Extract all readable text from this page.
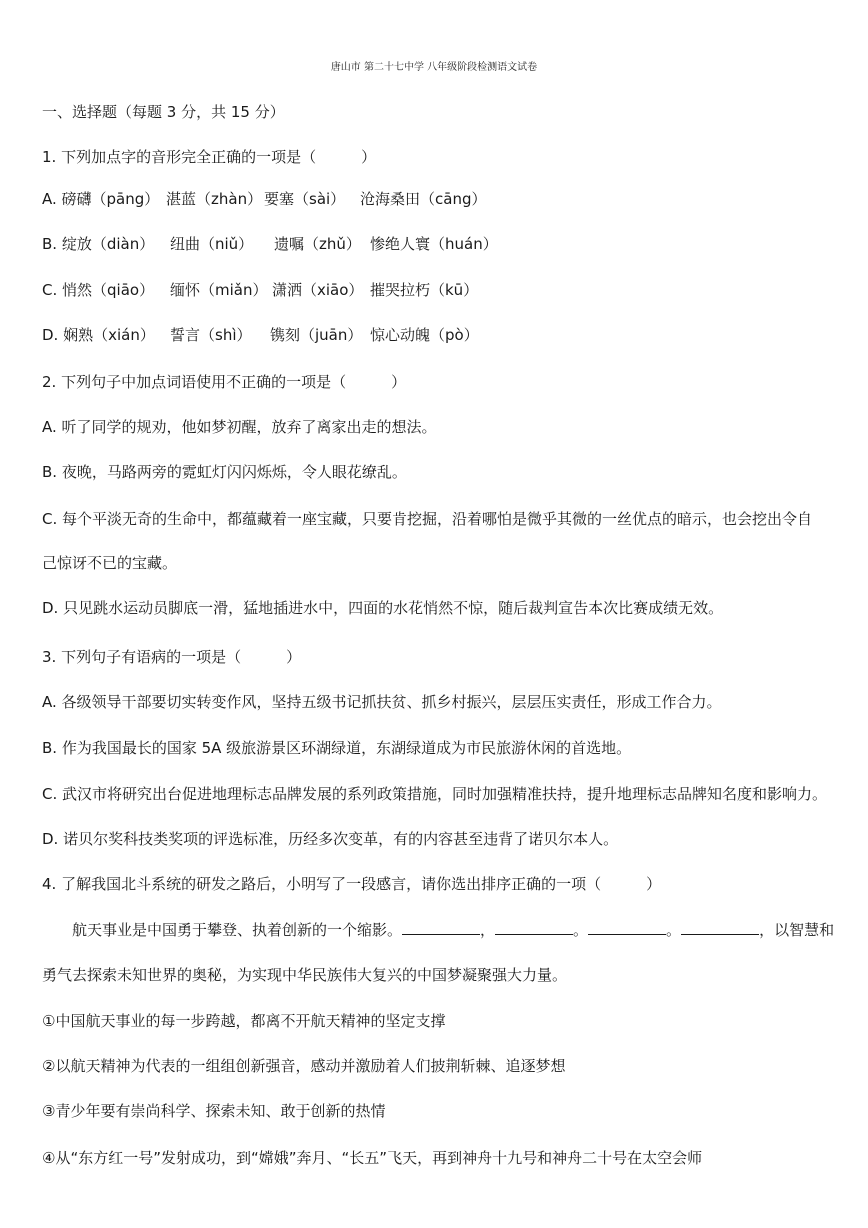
唐山市 第二十七中学 八年级阶段检测语文试卷
一、选择题（每题 3 分，共 15 分）
1. 下列加点字的音形完全正确的一项是（　　　）
A. 磅礴（pāng） 湛蓝（zhàn） 要塞（sài） 沧海桑田（cāng）
B. 绽放（diàn） 纽曲（niǔ） 遗嘱（zhǔ） 惨绝人寰（huán）
C. 悄然（qiāo） 缅怀（miǎn） 潇洒（xiāo） 摧哭拉朽（kū）
D. 娴熟（xián） 誓言（shì） 镌刻（juān） 惊心动魄（pò）
2. 下列句子中加点词语使用不正确的一项是（　　　）
A. 听了同学的规劝，他如梦初醒，放弃了离家出走的想法。
B. 夜晚，马路两旁的霓虹灯闪闪烁烁，令人眼花缭乱。
C. 每个平淡无奇的生命中，都蕴藏着一座宝藏，只要肯挖掘，沿着哪怕是微乎其微的一丝优点的暗示，也会挖出令自
己惊讶不已的宝藏。
D. 只见跳水运动员脚底一滑，猛地插进水中，四面的水花悄然不惊，随后裁判宣告本次比赛成绩无效。
3. 下列句子有语病的一项是（　　　）
A. 各级领导干部要切实转变作风，坚持五级书记抓扶贫、抓乡村振兴，层层压实责任，形成工作合力。
B. 作为我国最长的国家 5A 级旅游景区环湖绿道，东湖绿道成为市民旅游休闲的首选地。
C. 武汉市将研究出台促进地理标志品牌发展的系列政策措施，同时加强精准扶持，提升地理标志品牌知名度和影响力。
D. 诺贝尔奖科技类奖项的评选标准，历经多次变革，有的内容甚至违背了诺贝尔本人。
4. 了解我国北斗系统的研发之路后，小明写了一段感言，请你选出排序正确的一项（　　　）
航天事业是中国勇于攀登、执着创新的一个缩影。	，	。	。	，以智慧和
勇气去探索未知世界的奥秘，为实现中华民族伟大复兴的中国梦凝聚强大力量。
①中国航天事业的每一步跨越，都离不开航天精神的坚定支撑
②以航天精神为代表的一组组创新强音，感动并激励着人们披荆斩棘、追逐梦想
③青少年要有崇尚科学、探索未知、敢于创新的热情
④从“东方红一号”发射成功，到“嫦娥”奔月、“长五”飞天，再到神舟十九号和神舟二十号在太空会师
